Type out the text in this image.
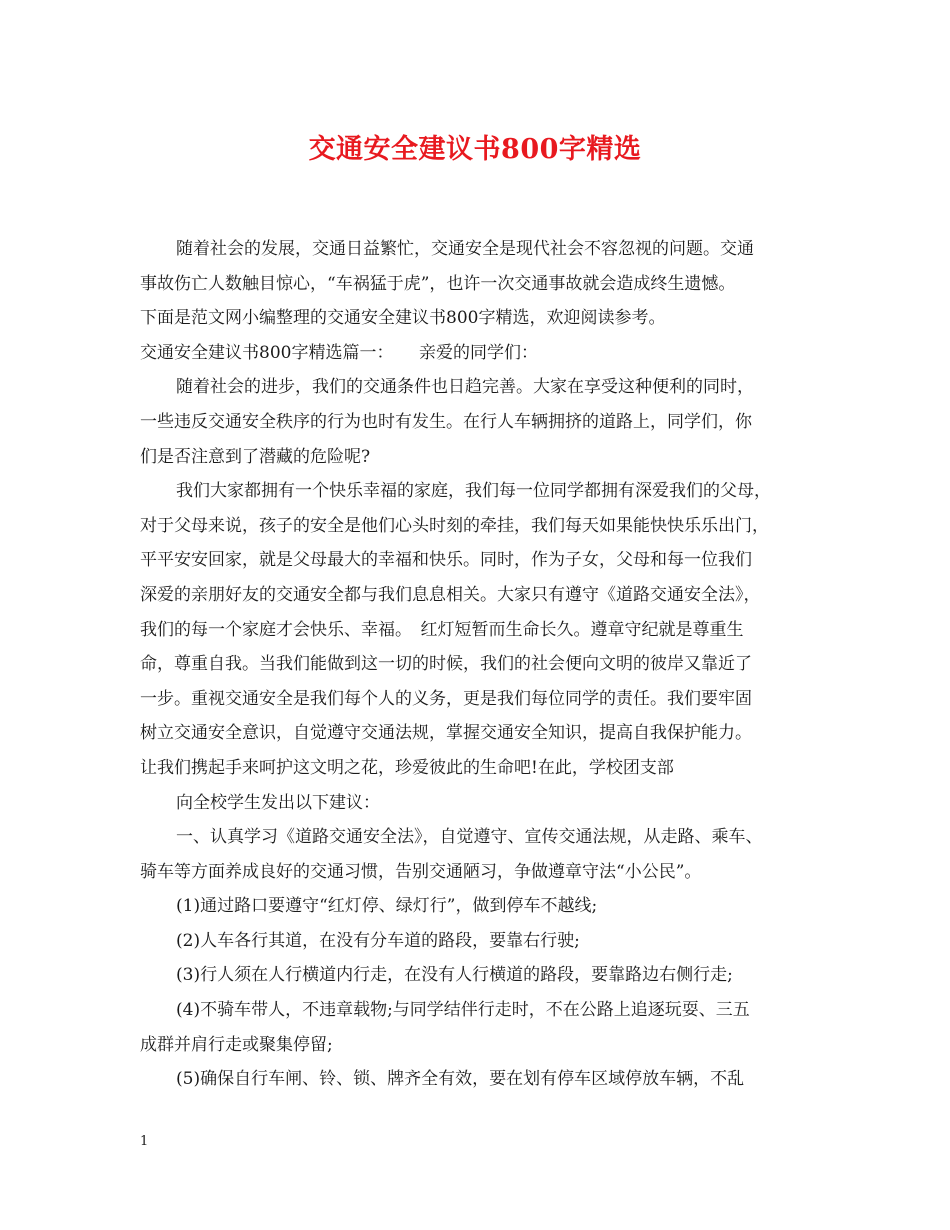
交通安全建议书800字精选
随着社会的发展，交通日益繁忙，交通安全是现代社会不容忽视的问题。交通
事故伤亡人数触目惊心，“车祸猛于虎”，也许一次交通事故就会造成终生遗憾。
下面是范文网小编整理的交通安全建议书800字精选，欢迎阅读参考。
交通安全建议书800字精选篇一：　　亲爱的同学们：
随着社会的进步，我们的交通条件也日趋完善。大家在享受这种便利的同时，
一些违反交通安全秩序的行为也时有发生。在行人车辆拥挤的道路上，同学们，你
们是否注意到了潜藏的危险呢?
我们大家都拥有一个快乐幸福的家庭，我们每一位同学都拥有深爱我们的父母，
对于父母来说，孩子的安全是他们心头时刻的牵挂，我们每天如果能快快乐乐出门，
平平安安回家，就是父母最大的幸福和快乐。同时，作为子女，父母和每一位我们
深爱的亲朋好友的交通安全都与我们息息相关。大家只有遵守《道路交通安全法》，
我们的每一个家庭才会快乐、幸福。　红灯短暂而生命长久。遵章守纪就是尊重生
命，尊重自我。当我们能做到这一切的时候，我们的社会便向文明的彼岸又靠近了
一步。重视交通安全是我们每个人的义务，更是我们每位同学的责任。我们要牢固
树立交通安全意识，自觉遵守交通法规，掌握交通安全知识，提高自我保护能力。
让我们携起手来呵护这文明之花，珍爱彼此的生命吧!在此，学校团支部
向全校学生发出以下建议：
一、认真学习《道路交通安全法》，自觉遵守、宣传交通法规，从走路、乘车、
骑车等方面养成良好的交通习惯，告别交通陋习，争做遵章守法“小公民”。
(1)通过路口要遵守“红灯停、绿灯行”，做到停车不越线;
(2)人车各行其道，在没有分车道的路段，要靠右行驶;
(3)行人须在人行横道内行走，在没有人行横道的路段，要靠路边右侧行走;
(4)不骑车带人，不违章载物;与同学结伴行走时，不在公路上追逐玩耍、三五
成群并肩行走或聚集停留;
(5)确保自行车闸、铃、锁、牌齐全有效，要在划有停车区域停放车辆，不乱
1
